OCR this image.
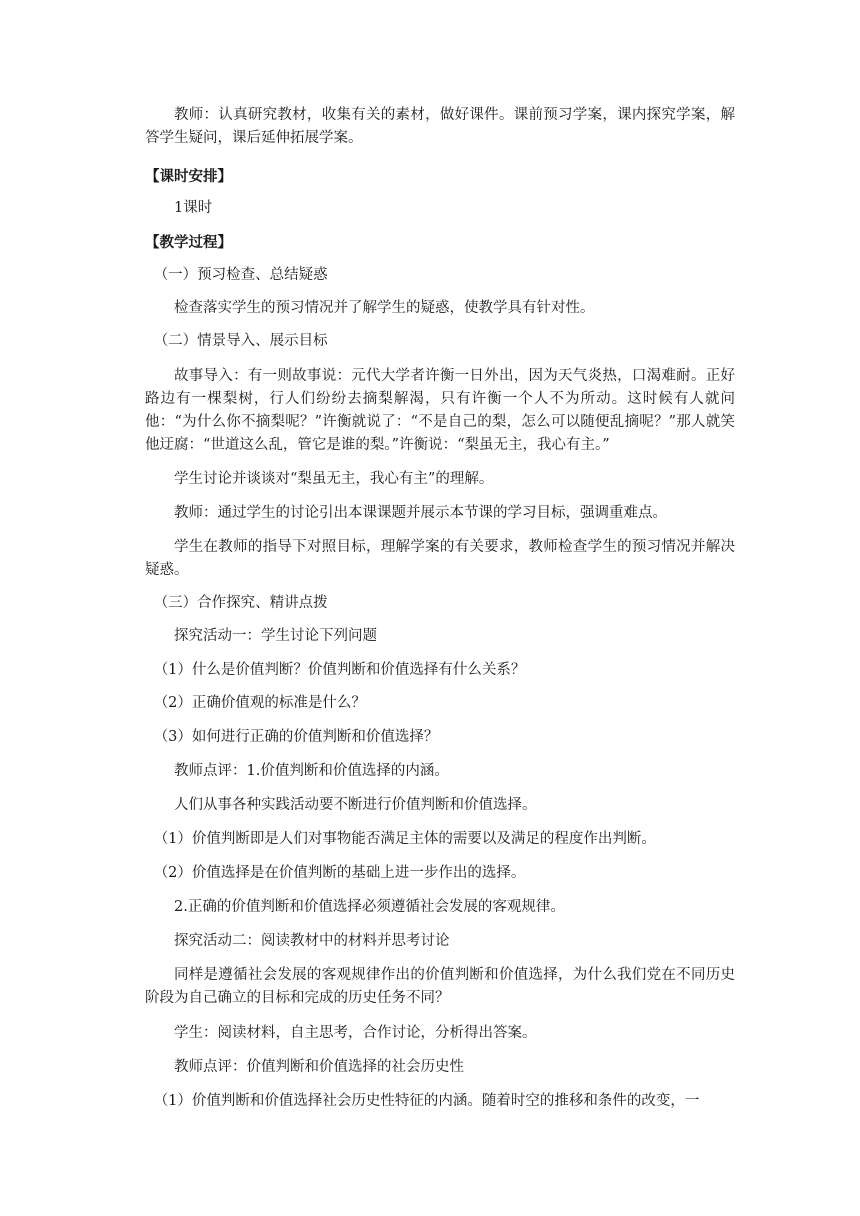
教师：认真研究教材，收集有关的素材，做好课件。课前预习学案，课内探究学案，解答学生疑问，课后延伸拓展学案。
【课时安排】
1课时
【教学过程】
（一）预习检查、总结疑惑
检查落实学生的预习情况并了解学生的疑惑，使教学具有针对性。
（二）情景导入、展示目标
故事导入：有一则故事说：元代大学者许衡一日外出，因为天气炎热，口渴难耐。正好路边有一棵梨树，行人们纷纷去摘梨解渴，只有许衡一个人不为所动。这时候有人就问他：“为什么你不摘梨呢？”许衡就说了：“不是自己的梨，怎么可以随便乱摘呢？”那人就笑他迂腐：“世道这么乱，管它是谁的梨。”许衡说：“梨虽无主，我心有主。”
学生讨论并谈谈对“梨虽无主，我心有主”的理解。
教师：通过学生的讨论引出本课课题并展示本节课的学习目标，强调重难点。
学生在教师的指导下对照目标，理解学案的有关要求，教师检查学生的预习情况并解决疑惑。
（三）合作探究、精讲点拨
探究活动一：学生讨论下列问题
（1）什么是价值判断？价值判断和价值选择有什么关系？
（2）正确价值观的标准是什么？
（3）如何进行正确的价值判断和价值选择？
教师点评：1.价值判断和价值选择的内涵。
人们从事各种实践活动要不断进行价值判断和价值选择。
（1）价值判断即是人们对事物能否满足主体的需要以及满足的程度作出判断。
（2）价值选择是在价值判断的基础上进一步作出的选择。
2.正确的价值判断和价值选择必须遵循社会发展的客观规律。
探究活动二：阅读教材中的材料并思考讨论
同样是遵循社会发展的客观规律作出的价值判断和价值选择，为什么我们党在不同历史阶段为自己确立的目标和完成的历史任务不同？
学生：阅读材料，自主思考，合作讨论，分析得出答案。
教师点评：价值判断和价值选择的社会历史性
（1）价值判断和价值选择社会历史性特征的内涵。随着时空的推移和条件的改变，一
